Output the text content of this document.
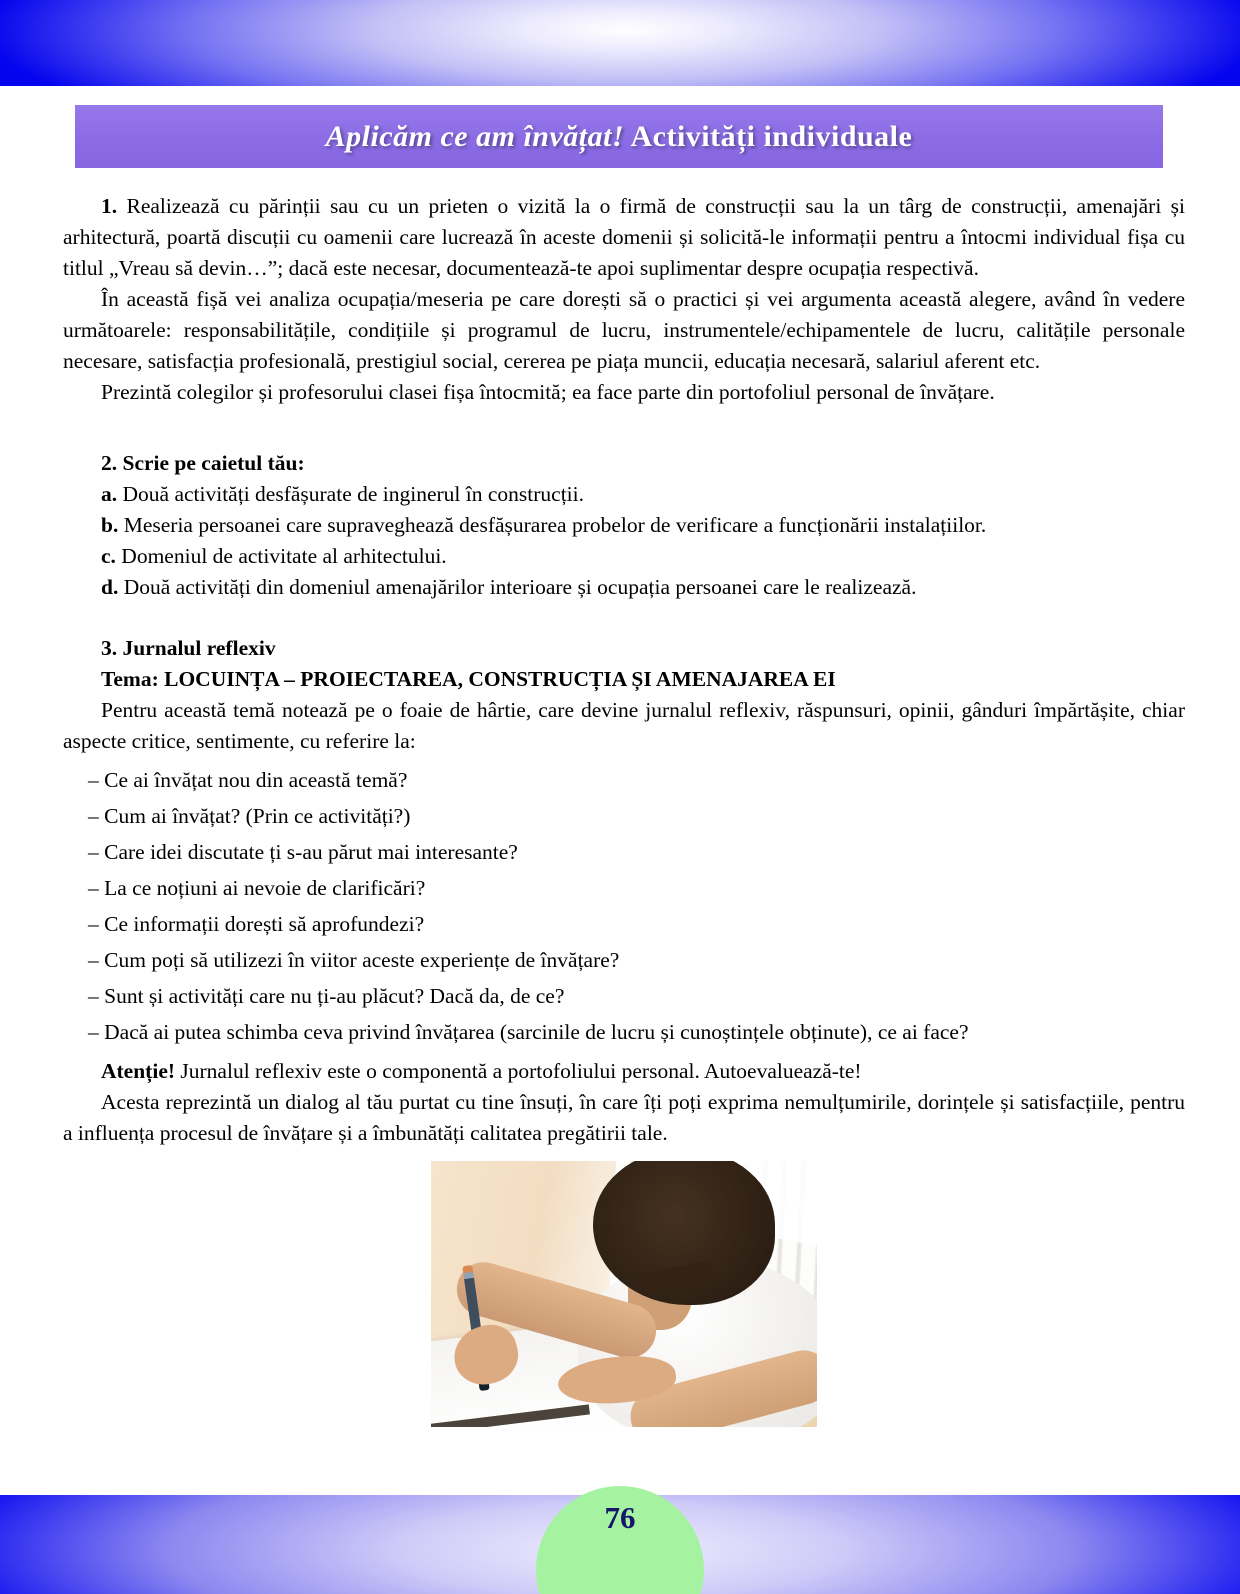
Aplicăm ce am învățat! Activități individuale

1. Realizează cu părinții sau cu un prieten o vizită la o firmă de construcții sau la un târg de construcții, amenajări și arhitectură, poartă discuții cu oamenii care lucrează în aceste domenii și solicită-le informații pentru a întocmi individual fișa cu titlul „Vreau să devin…”; dacă este necesar, documentează-te apoi suplimentar despre ocupația respectivă.

În această fișă vei analiza ocupația/meseria pe care dorești să o practici și vei argumenta această alegere, având în vedere următoarele: responsabilitățile, condițiile și programul de lucru, instrumentele/echipamentele de lucru, calitățile personale necesare, satisfacția profesională, prestigiul social, cererea pe piața muncii, educația necesară, salariul aferent etc.

Prezintă colegilor și profesorului clasei fișa întocmită; ea face parte din portofoliul personal de învățare.

2. Scrie pe caietul tău:

a. Două activități desfășurate de inginerul în construcții.

b. Meseria persoanei care supraveghează desfășurarea probelor de verificare a funcționării instalațiilor.

c. Domeniul de activitate al arhitectului.

d. Două activități din domeniul amenajărilor interioare și ocupația persoanei care le realizează.

3. Jurnalul reflexiv

Tema: LOCUINȚA – PROIECTAREA, CONSTRUCȚIA ȘI AMENAJAREA EI

Pentru această temă notează pe o foaie de hârtie, care devine jurnalul reflexiv, răspunsuri, opinii, gânduri împărtășite, chiar aspecte critice, sentimente, cu referire la:

– Ce ai învățat nou din această temă?

– Cum ai învățat? (Prin ce activități?)

– Care idei discutate ți s-au părut mai interesante?

– La ce noțiuni ai nevoie de clarificări?

– Ce informații dorești să aprofundezi?

– Cum poți să utilizezi în viitor aceste experiențe de învățare?

– Sunt și activități care nu ți-au plăcut? Dacă da, de ce?

– Dacă ai putea schimba ceva privind învățarea (sarcinile de lucru și cunoștințele obținute), ce ai face?

Atenție! Jurnalul reflexiv este o componentă a portofoliului personal. Autoevaluează-te!

Acesta reprezintă un dialog al tău purtat cu tine însuți, în care îți poți exprima nemulțumirile, dorințele și satisfacțiile, pentru a influența procesul de învățare și a îmbunătăți calitatea pregătirii tale.

76
